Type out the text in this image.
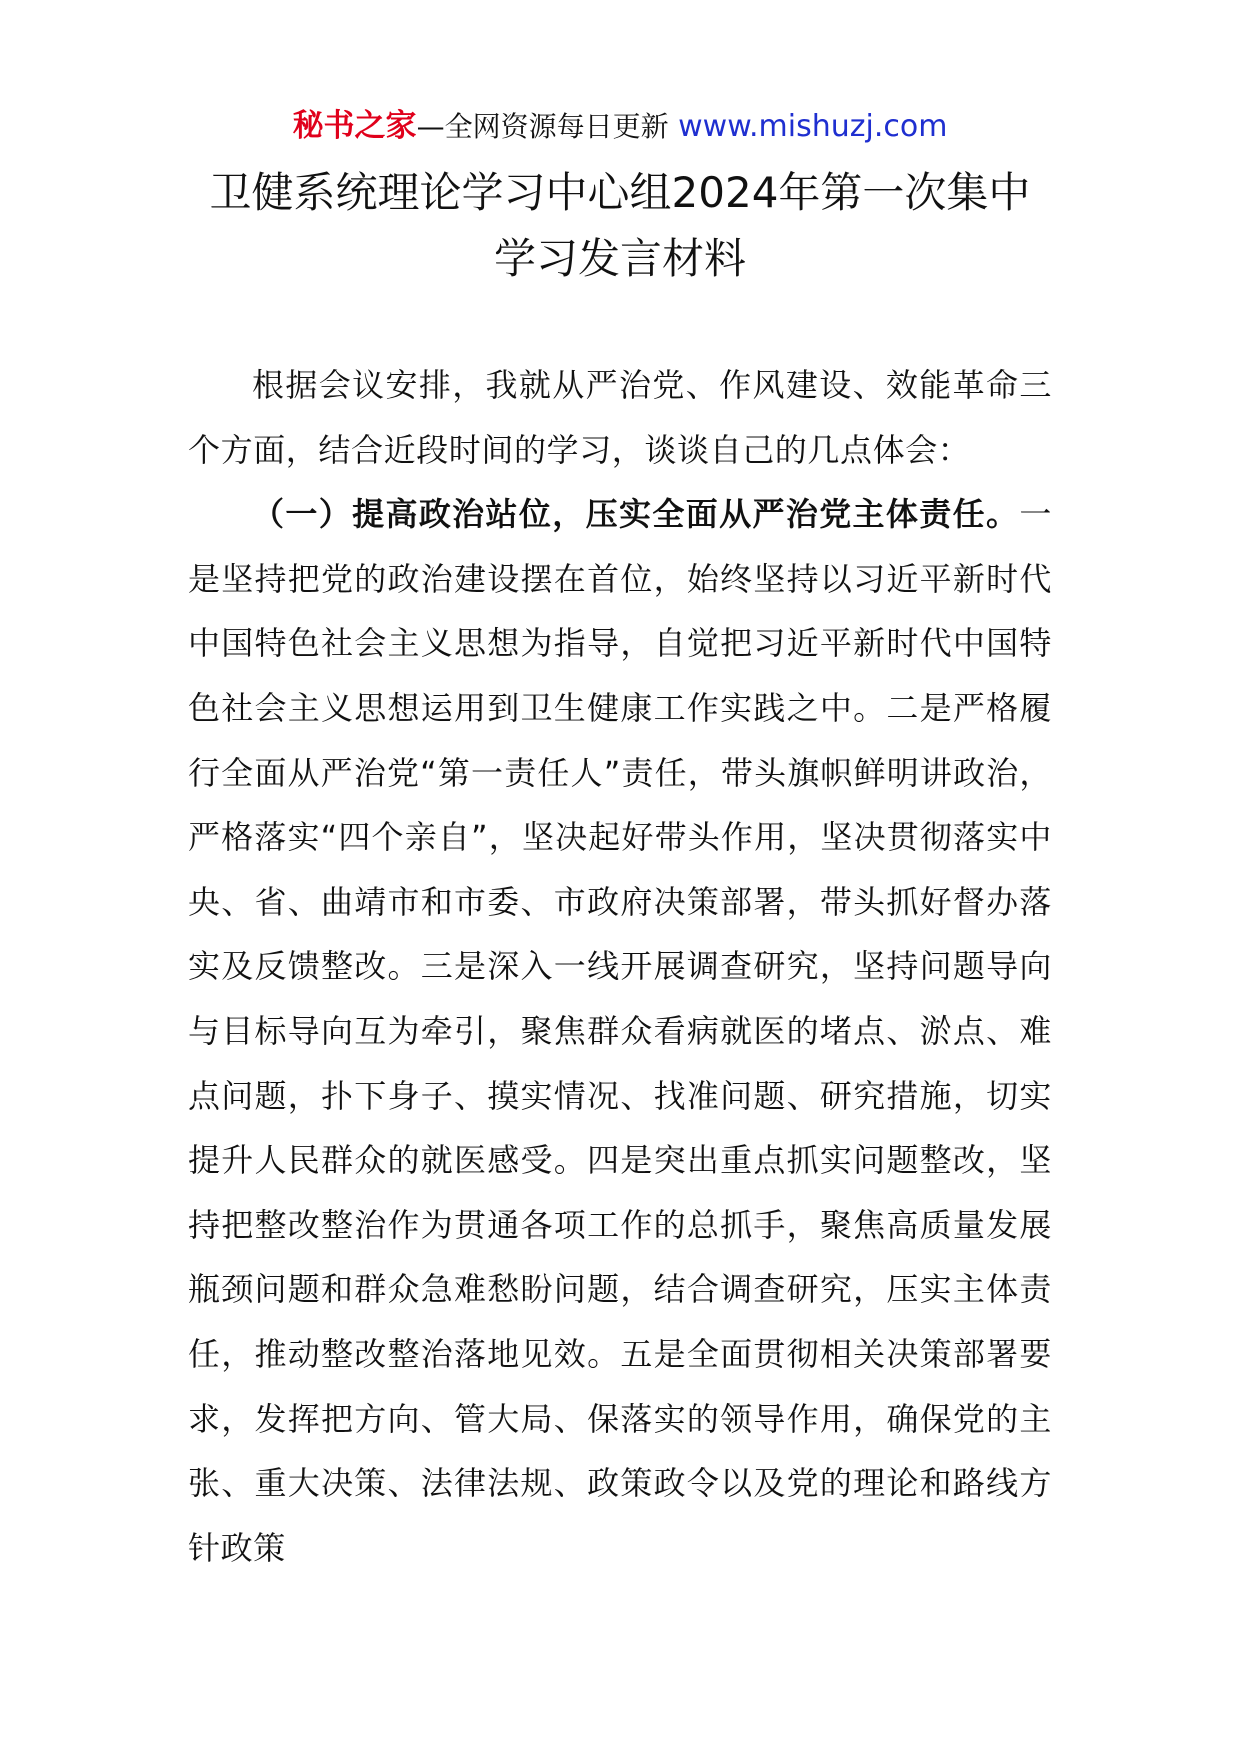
秘书之家—全网资源每日更新 www.mishuzj.com
卫健系统理论学习中心组2024年第一次集中
学习发言材料

根据会议安排，我就从严治党、作风建设、效能革命三个方面，结合近段时间的学习，谈谈自己的几点体会：

（一）提高政治站位，压实全面从严治党主体责任。一是坚持把党的政治建设摆在首位，始终坚持以习近平新时代中国特色社会主义思想为指导，自觉把习近平新时代中国特色社会主义思想运用到卫生健康工作实践之中。二是严格履行全面从严治党“第一责任人”责任，带头旗帜鲜明讲政治，严格落实“四个亲自”，坚决起好带头作用，坚决贯彻落实中央、省、曲靖市和市委、市政府决策部署，带头抓好督办落实及反馈整改。三是深入一线开展调查研究，坚持问题导向与目标导向互为牵引，聚焦群众看病就医的堵点、淤点、难点问题，扑下身子、摸实情况、找准问题、研究措施，切实提升人民群众的就医感受。四是突出重点抓实问题整改，坚持把整改整治作为贯通各项工作的总抓手，聚焦高质量发展瓶颈问题和群众急难愁盼问题，结合调查研究，压实主体责任，推动整改整治落地见效。五是全面贯彻相关决策部署要求，发挥把方向、管大局、保落实的领导作用，确保党的主张、重大决策、法律法规、政策政令以及党的理论和路线方针政策
